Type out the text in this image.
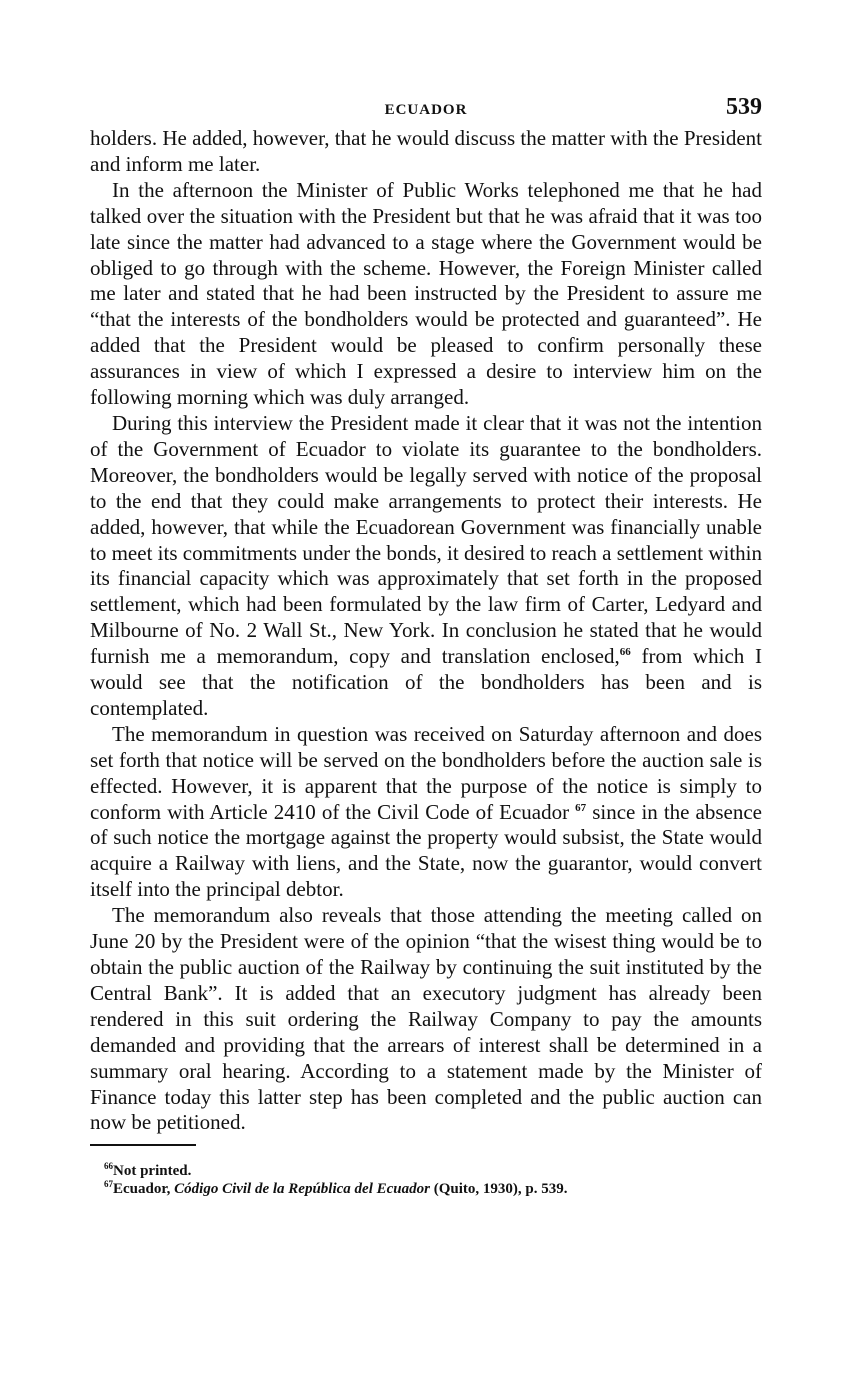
ECUADOR	539

holders. He added, however, that he would discuss the matter with the President and inform me later.

In the afternoon the Minister of Public Works telephoned me that he had talked over the situation with the President but that he was afraid that it was too late since the matter had advanced to a stage where the Government would be obliged to go through with the scheme. However, the Foreign Minister called me later and stated that he had been instructed by the President to assure me “that the interests of the bondholders would be protected and guaranteed”. He added that the President would be pleased to confirm personally these assurances in view of which I expressed a desire to interview him on the following morning which was duly arranged.

During this interview the President made it clear that it was not the intention of the Government of Ecuador to violate its guarantee to the bondholders. Moreover, the bondholders would be legally served with notice of the proposal to the end that they could make arrangements to protect their interests. He added, however, that while the Ecuadorean Government was financially unable to meet its commitments under the bonds, it desired to reach a settlement within its financial capacity which was approximately that set forth in the proposed settlement, which had been formulated by the law firm of Carter, Ledyard and Milbourne of No. 2 Wall St., New York. In conclusion he stated that he would furnish me a memorandum, copy and translation enclosed,$^{66}$ from which I would see that the notification of the bondholders has been and is contemplated.

The memorandum in question was received on Saturday afternoon and does set forth that notice will be served on the bondholders before the auction sale is effected. However, it is apparent that the purpose of the notice is simply to conform with Article 2410 of the Civil Code of Ecuador $^{67}$ since in the absence of such notice the mortgage against the property would subsist, the State would acquire a Railway with liens, and the State, now the guarantor, would convert itself into the principal debtor.

The memorandum also reveals that those attending the meeting called on June 20 by the President were of the opinion “that the wisest thing would be to obtain the public auction of the Railway by continuing the suit instituted by the Central Bank”. It is added that an executory judgment has already been rendered in this suit ordering the Railway Company to pay the amounts demanded and providing that the arrears of interest shall be determined in a summary oral hearing. According to a statement made by the Minister of Finance today this latter step has been completed and the public auction can now be petitioned.

$^{66}$Not printed.
$^{67}$Ecuador, Código Civil de la República del Ecuador (Quito, 1930), p. 539.
